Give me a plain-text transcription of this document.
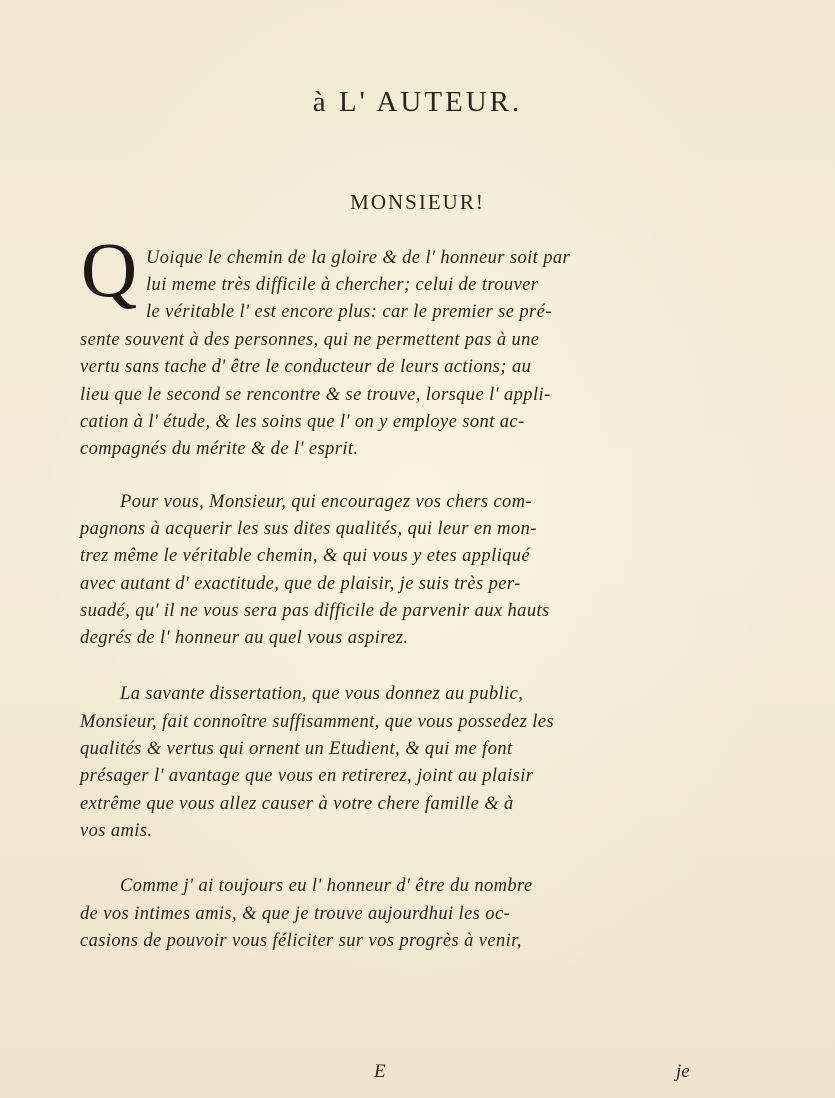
à L' AUTEUR.
MONSIEUR!
Q Uoique le chemin de la gloire & de l' honneur soit par
lui meme très difficile à chercher; celui de trouver
le véritable l' est encore plus: car le premier se pré-
sente souvent à des personnes, qui ne permettent pas à une
vertu sans tache d' être le conducteur de leurs actions; au
lieu que le second se rencontre & se trouve, lorsque l' appli-
cation à l' étude, & les soins que l' on y employe sont ac-
compagnés du mérite & de l' esprit.
Pour vous, Monsieur, qui encouragez vos chers com-
pagnons à acquerir les sus dites qualités, qui leur en mon-
trez même le véritable chemin, & qui vous y etes appliqué
avec autant d' exactitude, que de plaisir, je suis très per-
suadé, qu' il ne vous sera pas difficile de parvenir aux hauts
degrés de l' honneur au quel vous aspirez.
La savante dissertation, que vous donnez au public,
Monsieur, fait connoître suffisamment, que vous possedez les
qualités & vertus qui ornent un Etudient, & qui me font
présager l' avantage que vous en retirerez, joint au plaisir
extrême que vous allez causer à votre chere famille & à
vos amis.
Comme j' ai toujours eu l' honneur d' être du nombre
de vos intimes amis, & que je trouve aujourdhui les oc-
casions de pouvoir vous féliciter sur vos progrès à venir,
E	je
